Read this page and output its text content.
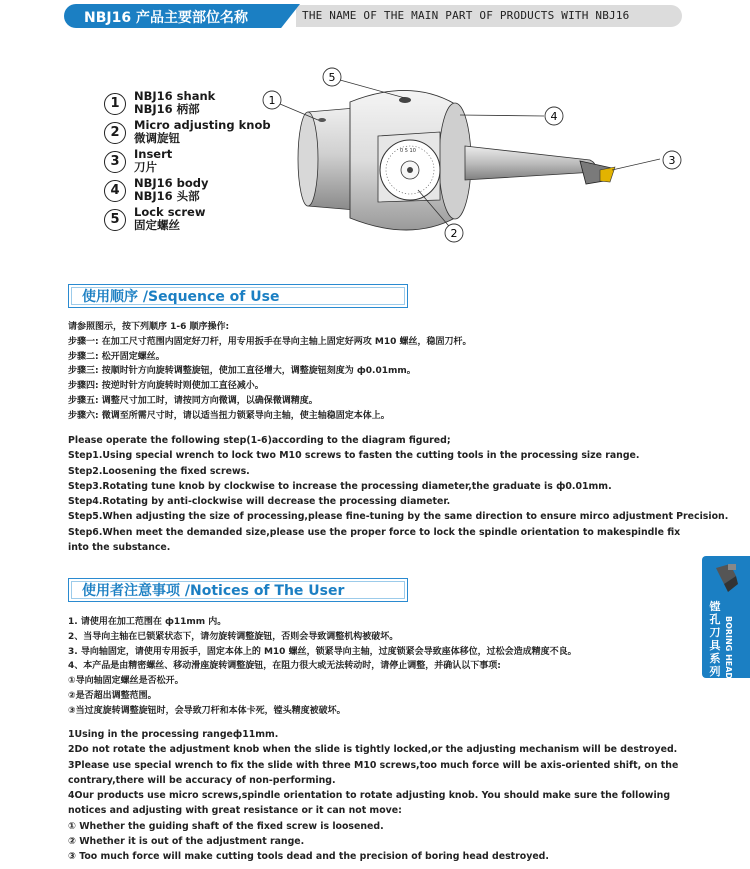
NBJ16 产品主要部位名称	THE NAME OF THE MAIN PART OF PRODUCTS WITH NBJ16
1	NBJ16 shank
NBJ16 柄部
2	Micro adjusting knob
微调旋钮
3	Insert
刀片
4	NBJ16 body
NBJ16 头部
5	Lock screw
固定螺丝
0 5 10
5
1
4
3
2
使用顺序 /Sequence of Use
请参照图示，按下列顺序 1-6 顺序操作:
步骤一: 在加工尺寸范围内固定好刀杆，用专用扳手在导向主轴上固定好两攻 M10 螺丝，稳固刀杆。
步骤二: 松开固定螺丝。
步骤三: 按顺时针方向旋转调整旋钮，使加工直径增大，调整旋钮刻度为 ф0.01mm。
步骤四: 按逆时针方向旋转时则使加工直径减小。
步骤五: 调整尺寸加工时，请按同方向微调，以确保微调精度。
步骤六: 微调至所需尺寸时，请以适当扭力锁紧导向主轴，使主轴稳固定本体上。
Please operate the following step(1-6)according to the diagram figured;
Step1.Using special wrench to lock two M10 screws to fasten the cutting tools in the processing size range.
Step2.Loosening the fixed screws.
Step3.Rotating tune knob by clockwise to increase the processing diameter,the graduate is ф0.01mm.
Step4.Rotating by anti-clockwise will decrease the processing diameter.
Step5.When adjusting the size of processing,please fine-tuning by the same direction to ensure mirco adjustment Precision.
Step6.When meet the demanded size,please use the proper force to lock the spindle orientation to makespindle fix into the substance.
使用者注意事项 /Notices of The User
1. 请使用在加工范围在 ф11mm 内。
2、当导向主轴在已锁紧状态下，请勿旋转调整旋钮，否则会导致调整机构被破坏。
3. 导向轴固定，请使用专用扳手，固定本体上的 M10 螺丝，锁紧导向主轴，过度锁紧会导致座体移位，过松会造成精度不良。
4、本产品是由精密螺丝、移动滑座旋转调整旋钮，在阻力很大或无法转动时，请停止调整，并确认以下事项:
①导向轴固定螺丝是否松开。
②是否超出调整范围。
③当过度旋转调整旋钮时，会导致刀杆和本体卡死，镗头精度被破坏。
1Using in the processing rangeф11mm.
2Do not rotate the adjustment knob when the slide is tightly locked,or the adjusting mechanism will be destroyed.
3Please use special wrench to fix the slide with three M10 screws,too much force will be axis-oriented shift, on the contrary,there will be accuracy of non-performing.
4Our products use micro screws,spindle orientation to rotate adjusting knob. You should make sure the following notices and adjusting with great resistance or it can not move:
① Whether the guiding shaft of the fixed screw is loosened.
② Whether it is out of the adjustment range.
③ Too much force will make cutting tools dead and the precision of boring head destroyed.
镗孔刀具系列 BORING HEAD
